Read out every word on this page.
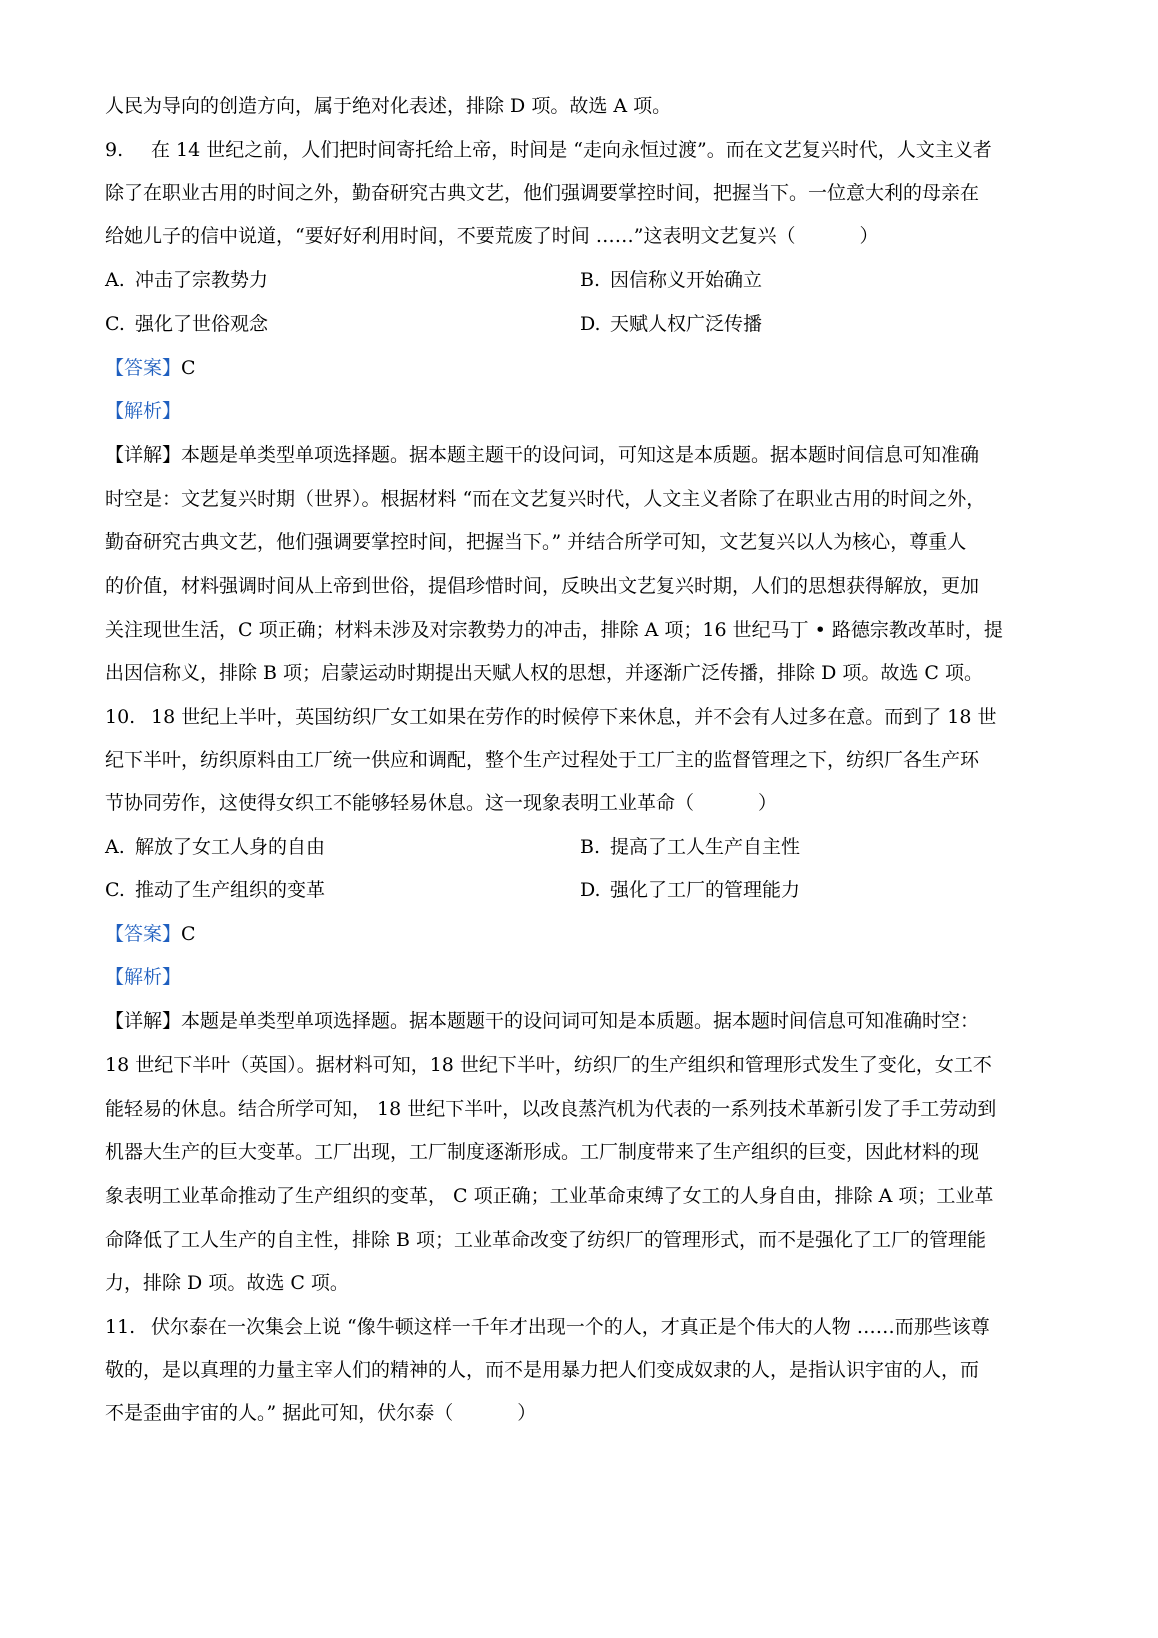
人民为导向的创造方向，属于绝对化表述，排除 D 项。故选 A 项。
9. 在 14 世纪之前，人们把时间寄托给上帝，时间是 “走向永恒过渡”。而在文艺复兴时代，人文主义者
除了在职业古用的时间之外，勤奋研究古典文艺，他们强调要掌控时间，把握当下。一位意大利的母亲在
给她儿子的信中说道，“要好好利用时间，不要荒废了时间 ……”这表明文艺复兴（	）
A. 冲击了宗教势力	B. 因信称义开始确立
C. 强化了世俗观念	D. 天赋人权广泛传播
【答案】C
【解析】
【详解】本题是单类型单项选择题。据本题主题干的设问词，可知这是本质题。据本题时间信息可知准确
时空是：文艺复兴时期（世界）。根据材料 “而在文艺复兴时代，人文主义者除了在职业古用的时间之外，
勤奋研究古典文艺，他们强调要掌控时间，把握当下。” 并结合所学可知，文艺复兴以人为核心，尊重人
的价值，材料强调时间从上帝到世俗，提倡珍惜时间，反映出文艺复兴时期，人们的思想获得解放，更加
关注现世生活，C 项正确；材料未涉及对宗教势力的冲击，排除 A 项；16 世纪马丁 • 路德宗教改革时，提
出因信称义，排除 B 项；启蒙运动时期提出天赋人权的思想，并逐渐广泛传播，排除 D 项。故选 C 项。
10. 18 世纪上半叶，英国纺织厂女工如果在劳作的时候停下来休息，并不会有人过多在意。而到了 18 世
纪下半叶，纺织原料由工厂统一供应和调配，整个生产过程处于工厂主的监督管理之下，纺织厂各生产环
节协同劳作，这使得女织工不能够轻易休息。这一现象表明工业革命（	）
A. 解放了女工人身的自由	B. 提高了工人生产自主性
C. 推动了生产组织的变革	D. 强化了工厂的管理能力
【答案】C
【解析】
【详解】本题是单类型单项选择题。据本题题干的设问词可知是本质题。据本题时间信息可知准确时空：
18 世纪下半叶（英国）。据材料可知，18 世纪下半叶，纺织厂的生产组织和管理形式发生了变化，女工不
能轻易的休息。结合所学可知， 18 世纪下半叶，以改良蒸汽机为代表的一系列技术革新引发了手工劳动到
机器大生产的巨大变革。工厂出现，工厂制度逐渐形成。工厂制度带来了生产组织的巨变，因此材料的现
象表明工业革命推动了生产组织的变革， C 项正确；工业革命束缚了女工的人身自由，排除 A 项；工业革
命降低了工人生产的自主性，排除 B 项；工业革命改变了纺织厂的管理形式，而不是强化了工厂的管理能
力，排除 D 项。故选 C 项。
11. 伏尔泰在一次集会上说 “像牛顿这样一千年才出现一个的人，才真正是个伟大的人物 ……而那些该尊
敬的，是以真理的力量主宰人们的精神的人，而不是用暴力把人们变成奴隶的人，是指认识宇宙的人，而
不是歪曲宇宙的人。” 据此可知，伏尔泰（	）
